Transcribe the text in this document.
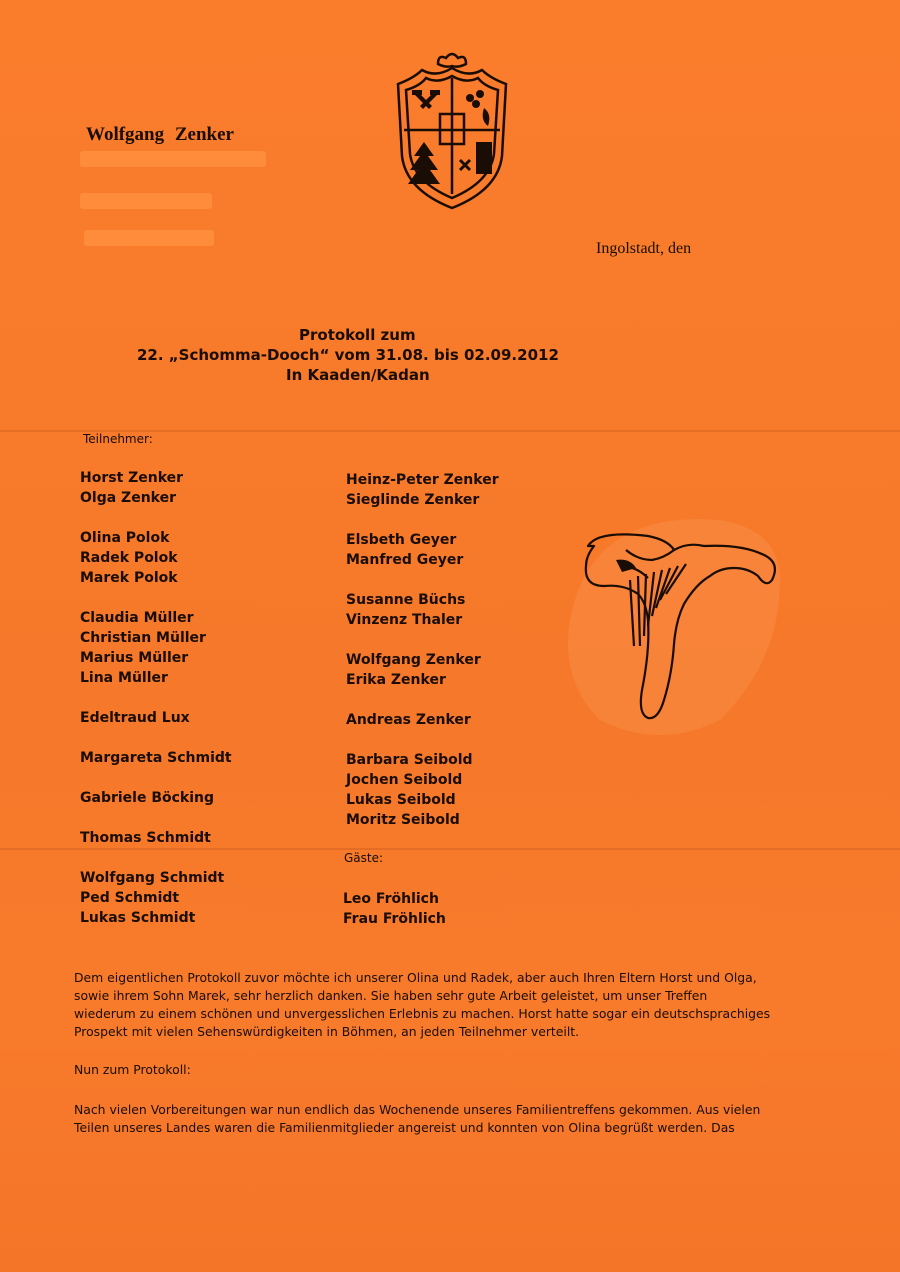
Wolfgang Zenker
Ingolstadt, den
Protokoll zum
22. „Schomma-Dooch“ vom 31.08. bis 02.09.2012
In Kaaden/Kadan
Teilnehmer:
Horst Zenker
Olga Zenker
Olina Polok
Radek Polok
Marek Polok
Claudia Müller
Christian Müller
Marius Müller
Lina Müller
Edeltraud Lux
Margareta Schmidt
Gabriele Böcking
Thomas Schmidt
Wolfgang Schmidt
Ped Schmidt
Lukas Schmidt
Heinz-Peter Zenker
Sieglinde Zenker
Elsbeth Geyer
Manfred Geyer
Susanne Büchs
Vinzenz Thaler
Wolfgang Zenker
Erika Zenker
Andreas Zenker
Barbara Seibold
Jochen Seibold
Lukas Seibold
Moritz Seibold
Gäste:
Leo Fröhlich
Frau Fröhlich
Dem eigentlichen Protokoll zuvor möchte ich unserer Olina und Radek, aber auch Ihren Eltern Horst und Olga,
sowie ihrem Sohn Marek, sehr herzlich danken. Sie haben sehr gute Arbeit geleistet, um unser Treffen
wiederum zu einem schönen und unvergesslichen Erlebnis zu machen. Horst hatte sogar ein deutschsprachiges
Prospekt mit vielen Sehenswürdigkeiten in Böhmen, an jeden Teilnehmer verteilt.
Nun zum Protokoll:
Nach vielen Vorbereitungen war nun endlich das Wochenende unseres Familientreffens gekommen. Aus vielen
Teilen unseres Landes waren die Familienmitglieder angereist und konnten von Olina begrüßt werden. Das
